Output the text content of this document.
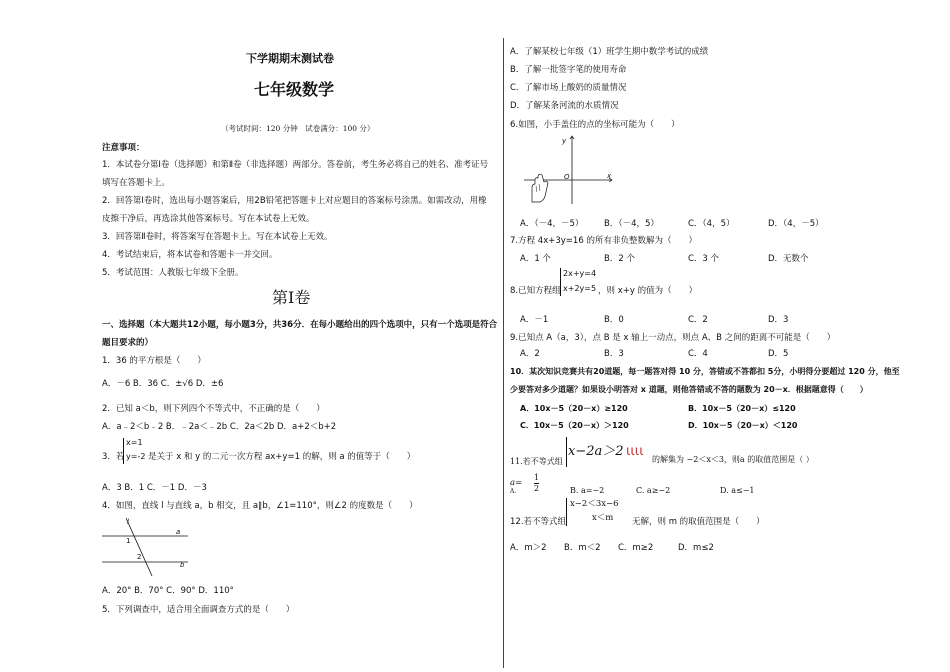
下学期期末测试卷
七年级数学
（考试时间：120 分钟　试卷满分：100 分）
注意事项：
1．本试卷分第Ⅰ卷（选择题）和第Ⅱ卷（非选择题）两部分。答卷前，考生务必将自己的姓名、准考证号
填写在答题卡上。
2．回答第Ⅰ卷时，选出每小题答案后，用2B铅笔把答题卡上对应题目的答案标号涂黑。如需改动，用橡
皮擦干净后，再选涂其他答案标号。写在本试卷上无效。
3．回答第Ⅱ卷时，将答案写在答题卡上。写在本试卷上无效。
4．考试结束后，将本试卷和答题卡一并交回。
5．考试范围：人教版七年级下全册。
第Ⅰ卷
一、选择题（本大题共12小题，每小题3分，共36分．在每小题给出的四个选项中，只有一个选项是符合
题目要求的）
1．36 的平方根是（　　）
A．－6 B．36 C．±√6 D．±6
2．已知 a＜b，则下列四个不等式中，不正确的是（　　）
A．a﹣2＜b﹣2 B．﹣2a＜﹣2b C．2a＜2b D．a+2＜b+2
3．若
x=1
y=-2 是关于 x 和 y 的二元一次方程 ax+y=1 的解，则 a 的值等于（　　）
A．3 B．1 C．－1 D．－3
4．如图，直线 l 与直线 a，b 相交，且 a∥b，∠1=110°，则∠2 的度数是（　　）
l
1
2
a
b
A．20° B．70° C．90° D．110°
5．下列调查中，适合用全面调查方式的是（　　）
A．了解某校七年级（1）班学生期中数学考试的成绩
B．了解一批签字笔的使用寿命
C．了解市场上酸奶的质量情况
D．了解某条河流的水质情况
6.如图，小手盖住的点的坐标可能为（　　）
y
O	x
A．（－4，－5） B．（－4，5）	C．（4，5）	D．（4，－5）
7.方程 4x+3y=16 的所有非负整数解为（　　）
A．1 个	B．2 个	C．3 个	D．无数个
8.已知方程组
2x+y=4
x+2y=5 ，则 x+y 的值为（　　）
A．－1	B．0	C．2	D．3
9.已知点 A（a，3），点 B 是 x 轴上一动点，则点 A、B 之间的距离不可能是（　　）
A．2	B．3	C．4	D．5
10．某次知识竞赛共有20道题，每一题答对得 10 分，答错或不答都扣 5分，小明得分要超过 120 分，他至
少要答对多少道题？如果设小明答对 x 道题，则他答错或不答的题数为 20－x．根据题意得（　　）
A．10x－5（20－x）≥120	B．10x－5（20－x）≤120
C．10x－5（20－x）＞120	D．10x－5（20－x）＜120
11.若不等式组
x−2a＞2 ɩɩɩɩ
的解集为 −2＜x＜3，则a 的取值范围是（ ）
A.
a=
1
2	B. a=−2	C. a≥−2	D. a≤−1
12.若不等式组
x−2＜3x−6
x＜m 无解，则 m 的取值范围是（　　）
A．m＞2 B．m＜2 C．m≥2	D．m≤2
